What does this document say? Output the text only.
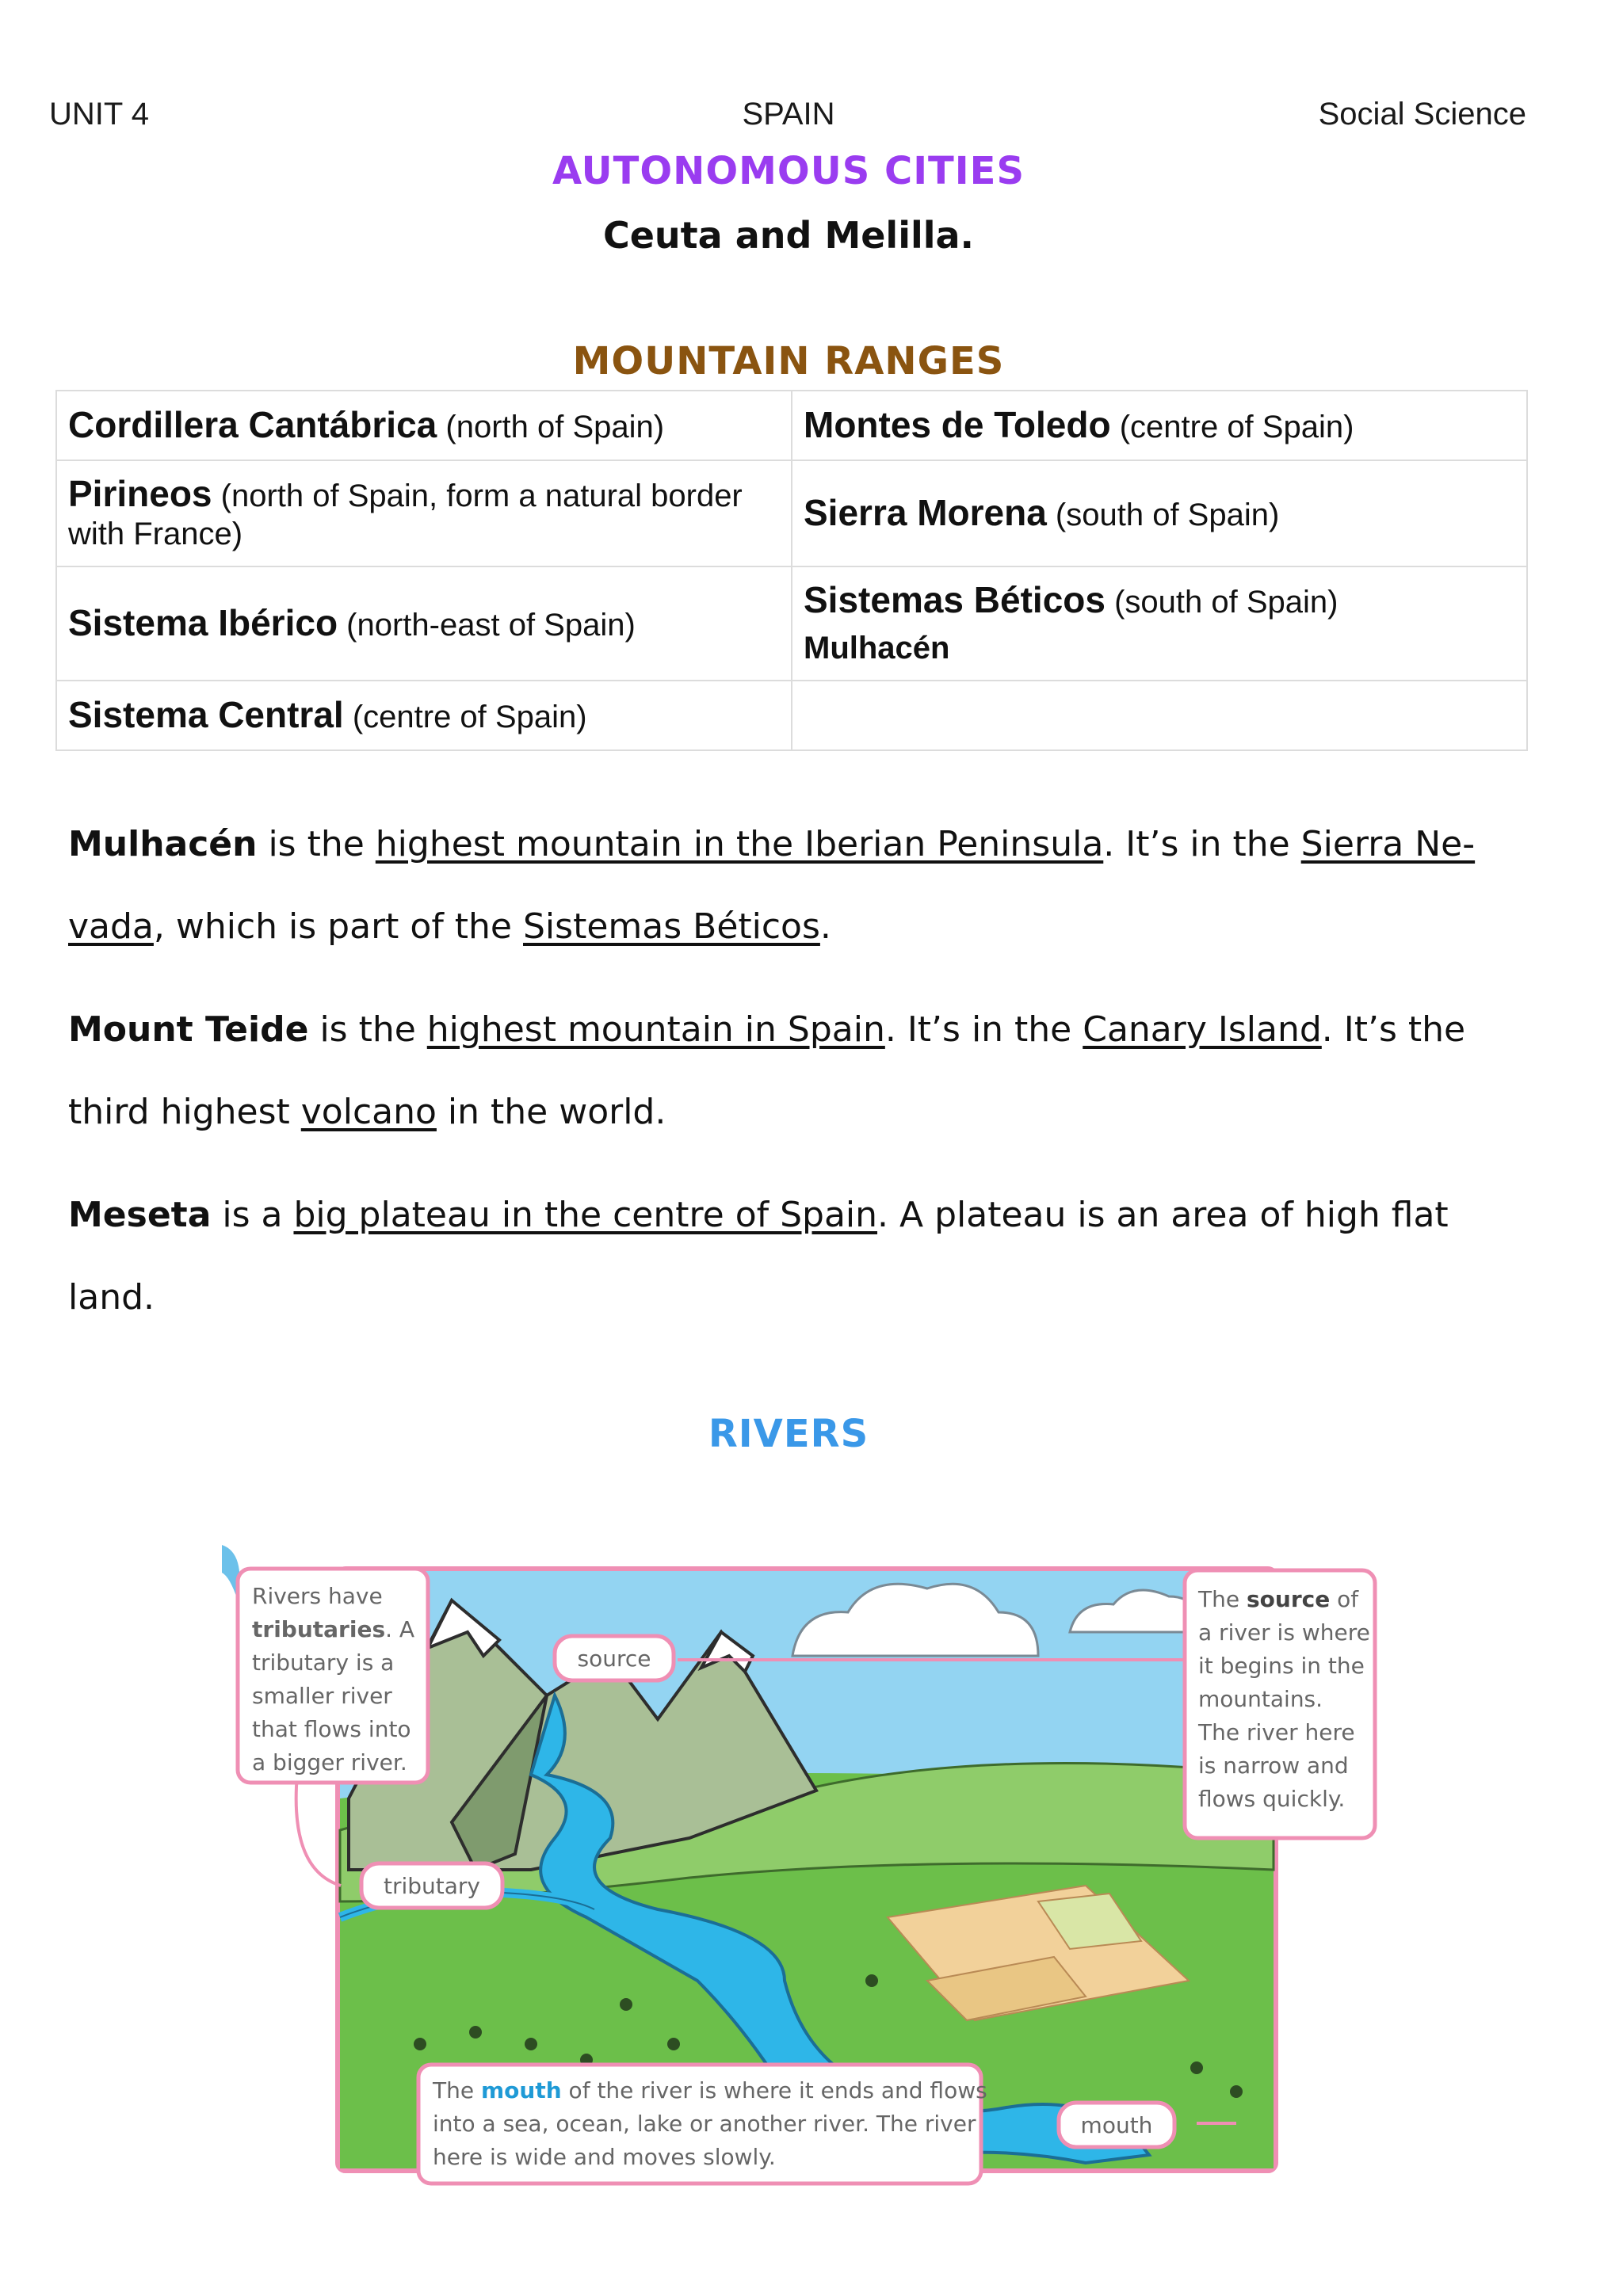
UNIT 4	SPAIN	Social Science
AUTONOMOUS CITIES
Ceuta and Melilla.
MOUNTAIN RANGES
Cordillera Cantábrica (north of Spain)	Montes de Toledo (centre of Spain)
Pirineos (north of Spain, form a natural border with France)	Sierra Morena (south of Spain)
Sistema Ibérico (north-east of Spain)	Sistemas Béticos (south of Spain)
Mulhacén

Sistema Central (centre of Spain)	
Mulhacén is the highest mountain in the Iberian Peninsula. It’s in the Sierra Ne-vada, which is part of the Sistemas Béticos.
Mount Teide is the highest mountain in Spain. It’s in the Canary Island. It’s the third highest volcano in the world.
Meseta is a big plateau in the centre of Spain. A plateau is an area of high flat land.
RIVERS
Rivers have
tributaries. A
tributary is a
smaller river
that flows into
a bigger river.
The source of
a river is where
it begins in the
mountains.
The river here
is narrow and
flows quickly.
The mouth of the river is where it ends and flows
into a sea, ocean, lake or another river. The river
here is wide and moves slowly.
source
tributary
mouth
